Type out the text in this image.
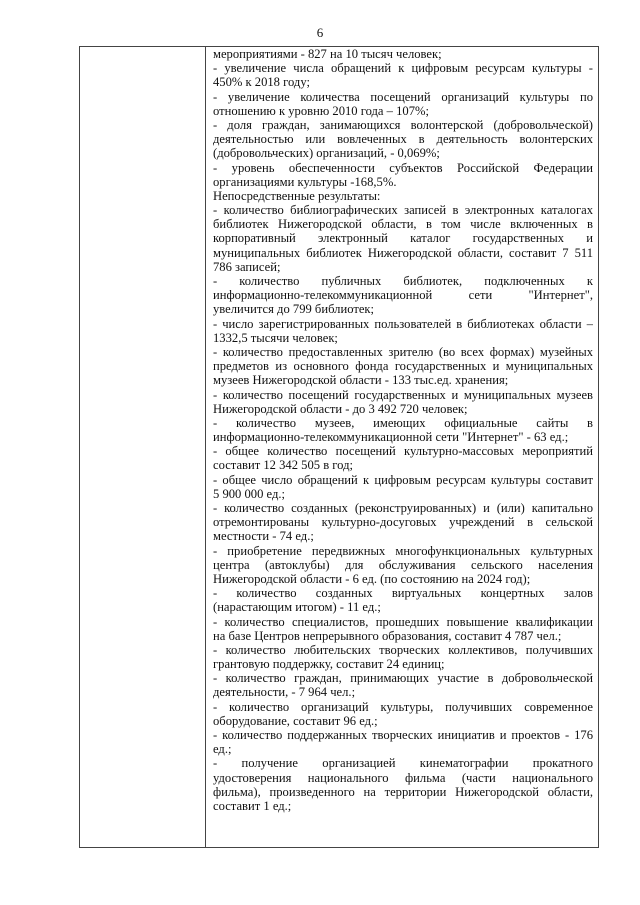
6
мероприятиями - 827 на 10 тысяч человек;
- увеличение числа обращений к цифровым ресурсам культуры -
450% к 2018 году;
- увеличение количества посещений организаций культуры по
отношению к уровню 2010 года – 107%;
- доля граждан, занимающихся волонтерской (добровольческой)
деятельностью или вовлеченных в деятельность волонтерских
(добровольческих) организаций, - 0,069%;
- уровень обеспеченности субъектов Российской Федерации
организациями культуры -168,5%.
Непосредственные результаты:
- количество библиографических записей в электронных каталогах
библиотек Нижегородской области, в том числе включенных в
корпоративный электронный каталог государственных и
муниципальных библиотек Нижегородской области, составит 7 511
786 записей;
- количество публичных библиотек, подключенных к
информационно-телекоммуникационной сети "Интернет",
увеличится до 799 библиотек;
- число зарегистрированных пользователей в библиотеках области –
1332,5 тысячи человек;
- количество предоставленных зрителю (во всех формах) музейных
предметов из основного фонда государственных и муниципальных
музеев Нижегородской области - 133 тыс.ед. хранения;
- количество посещений государственных и муниципальных музеев
Нижегородской области - до 3 492 720 человек;
- количество музеев, имеющих официальные сайты в
информационно-телекоммуникационной сети "Интернет" - 63 ед.;
- общее количество посещений культурно-массовых мероприятий
составит 12 342 505 в год;
- общее число обращений к цифровым ресурсам культуры составит
5 900 000 ед.;
- количество созданных (реконструированных) и (или) капитально
отремонтированы культурно-досуговых учреждений в сельской
местности - 74 ед.;
- приобретение передвижных многофункциональных культурных
центра (автоклубы) для обслуживания сельского населения
Нижегородской области - 6 ед. (по состоянию на 2024 год);
- количество созданных виртуальных концертных залов
(нарастающим итогом) - 11 ед.;
- количество специалистов, прошедших повышение квалификации
на базе Центров непрерывного образования, составит 4 787 чел.;
- количество любительских творческих коллективов, получивших
грантовую поддержку, составит 24 единиц;
- количество граждан, принимающих участие в добровольческой
деятельности, - 7 964 чел.;
- количество организаций культуры, получивших современное
оборудование, составит 96 ед.;
- количество поддержанных творческих инициатив и проектов - 176
ед.;
- получение организацией кинематографии прокатного
удостоверения национального фильма (части национального
фильма), произведенного на территории Нижегородской области,
составит 1 ед.;
